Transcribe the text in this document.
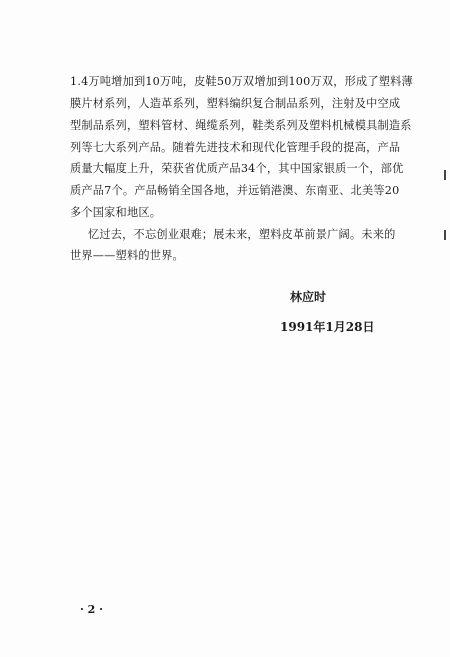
1.4万吨增加到10万吨，皮鞋50万双增加到100万双，形成了塑料薄
膜片材系列，人造革系列，塑料编织复合制品系列，注射及中空成
型制品系列，塑料管材、绳缆系列，鞋类系列及塑料机械模具制造系
列等七大系列产品。随着先进技术和现代化管理手段的提高，产品
质量大幅度上升，荣获省优质产品34个，其中国家银质一个，部优
质产品7个。产品畅销全国各地，并远销港澳、东南亚、北美等20
多个国家和地区。
忆过去，不忘创业艰难；展未来，塑料皮革前景广阔。未来的
世界——塑料的世界。
林应时
1991年1月28日
· 2 ·
